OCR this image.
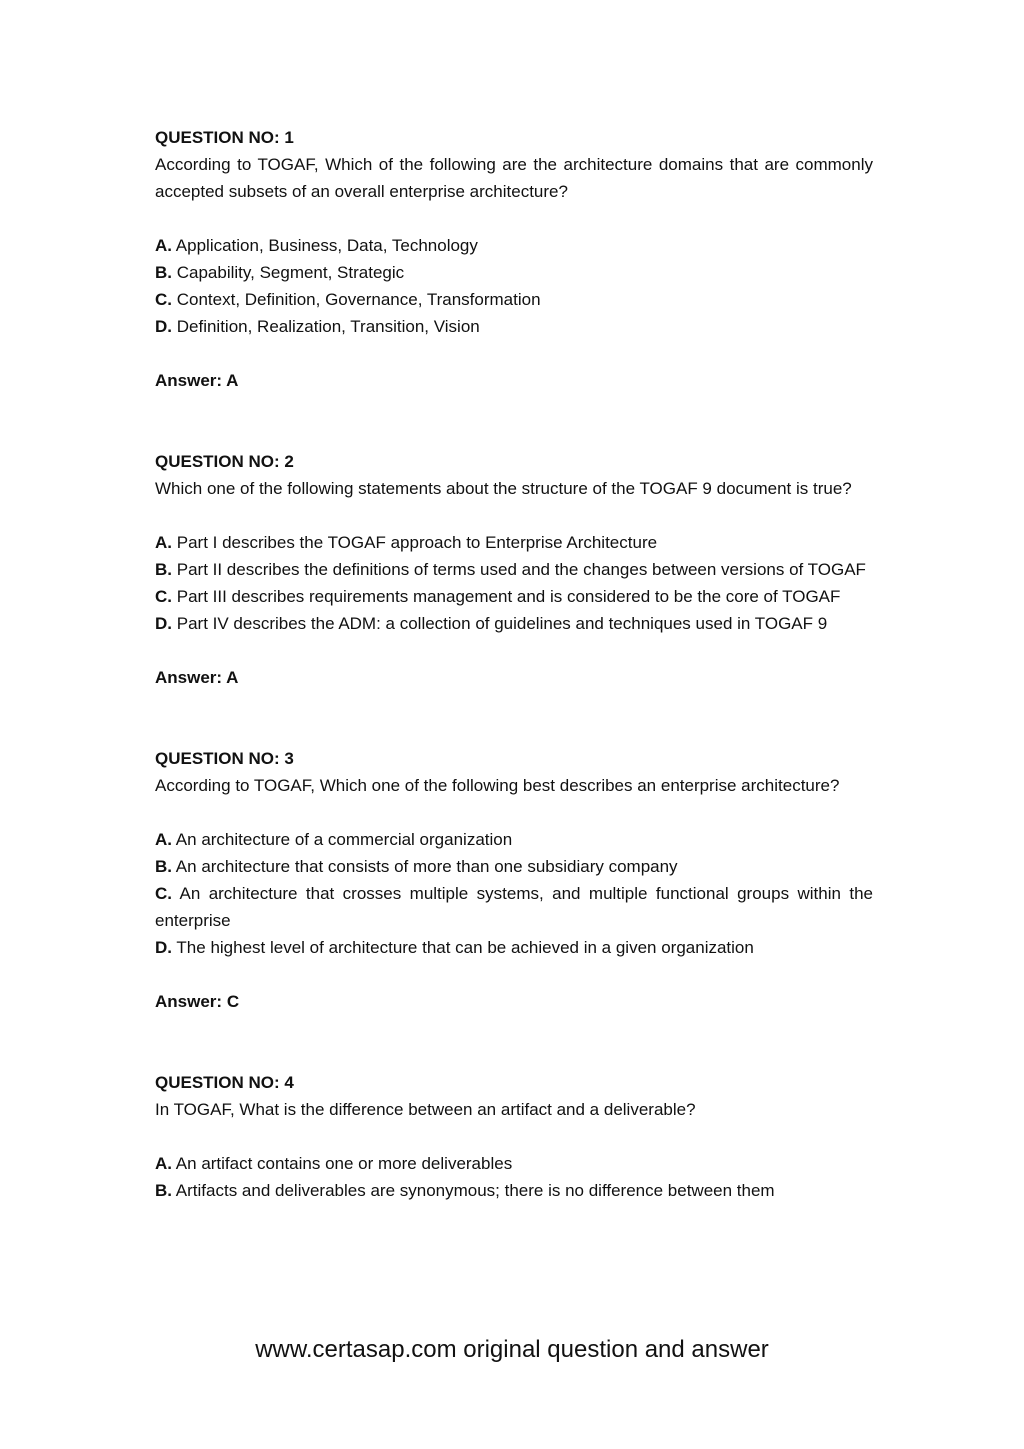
QUESTION NO: 1

According to TOGAF, Which of the following are the architecture domains that are commonly accepted subsets of an overall enterprise architecture?

A. Application, Business, Data, Technology

B. Capability, Segment, Strategic

C. Context, Definition, Governance, Transformation

D. Definition, Realization, Transition, Vision

Answer: A

QUESTION NO: 2

Which one of the following statements about the structure of the TOGAF 9 document is true?

A. Part I describes the TOGAF approach to Enterprise Architecture

B. Part II describes the definitions of terms used and the changes between versions of TOGAF

C. Part III describes requirements management and is considered to be the core of TOGAF

D. Part IV describes the ADM: a collection of guidelines and techniques used in TOGAF 9

Answer: A

QUESTION NO: 3

According to TOGAF, Which one of the following best describes an enterprise architecture?

A. An architecture of a commercial organization

B. An architecture that consists of more than one subsidiary company

C. An architecture that crosses multiple systems, and multiple functional groups within the enterprise

D. The highest level of architecture that can be achieved in a given organization

Answer: C

QUESTION NO: 4

In TOGAF, What is the difference between an artifact and a deliverable?

A. An artifact contains one or more deliverables

B. Artifacts and deliverables are synonymous; there is no difference between them

www.certasap.com original question and answer
